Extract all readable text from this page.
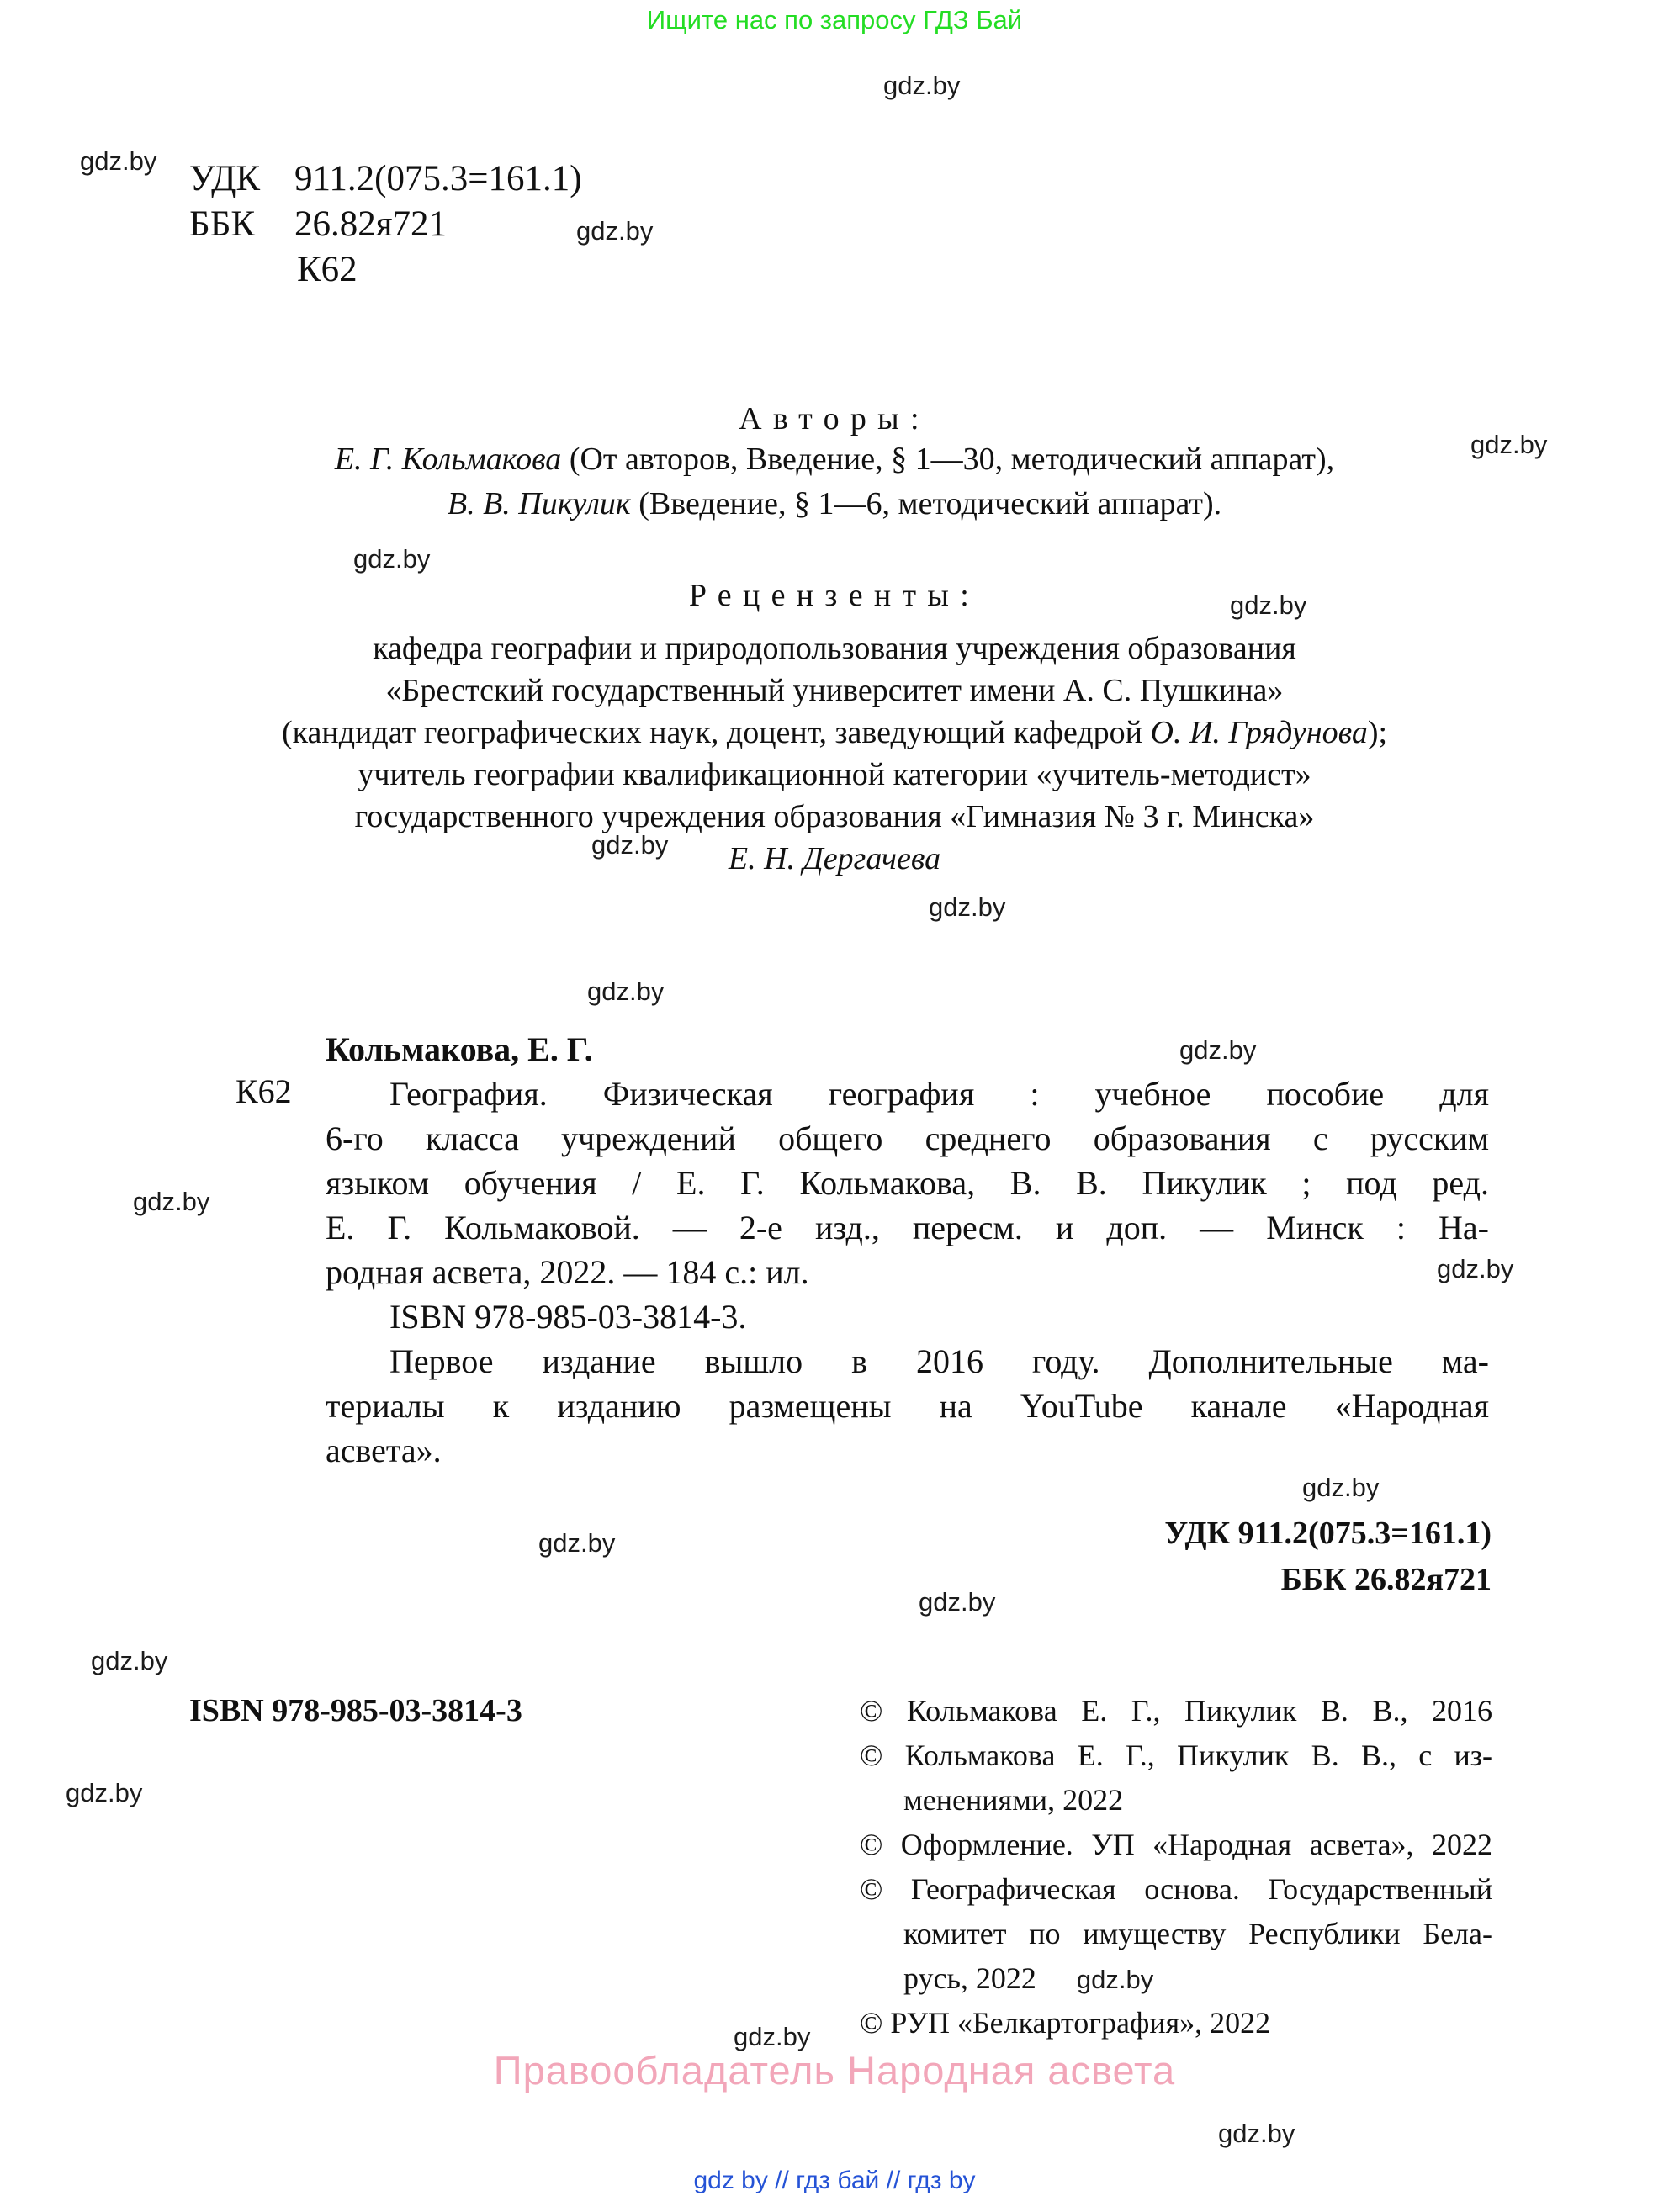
Ищите нас по запросу ГДЗ Бай
gdz.by
gdz.by
gdz.by
gdz.by
gdz.by
gdz.by
gdz.by
gdz.by
gdz.by
gdz.by
gdz.by
gdz.by
gdz.by
gdz.by
gdz.by
gdz.by
gdz.by
gdz.by
gdz.by
УДК 911.2(075.3=161.1)
ББК 26.82я721
К62
Авторы:
Е. Г. Кольмакова (От авторов, Введение, § 1—30, методический аппарат),
В. В. Пикулик (Введение, § 1—6, методический аппарат).
Рецензенты:
кафедра географии и природопользования учреждения образования
«Брестский государственный университет имени А. С. Пушкина»
(кандидат географических наук, доцент, заведующий кафедрой О. И. Грядунова);
учитель географии квалификационной категории «учитель-методист»
государственного учреждения образования «Гимназия № 3 г. Минска»
Е. Н. Дергачева
К62
Кольмакова, Е. Г.
География. Физическая география : учебное пособие для
6-го класса учреждений общего среднего образования с русским
языком обучения / Е. Г. Кольмакова, В. В. Пикулик ; под ред.
Е. Г. Кольмаковой. — 2-е изд., пересм. и доп. — Минск : На-
родная асвета, 2022. — 184 с.: ил.
ISBN 978-985-03-3814-3.
Первое издание вышло в 2016 году. Дополнительные ма-
териалы к изданию размещены на YouTube канале «Народная
асвета».
УДК 911.2(075.3=161.1)
ББК 26.82я721
ISBN 978-985-03-3814-3	© Кольмакова Е. Г., Пикулик В. В., 2016
© Кольмакова Е. Г., Пикулик В. В., с из-
менениями, 2022
© Оформление. УП «Народная асвета», 2022
© Географическая основа. Государственный
комитет по имуществу Республики Бела-
русь, 2022 gdz.by
© РУП «Белкартография», 2022
Правообладатель Народная асвета
gdz by // гдз бай // гдз by
